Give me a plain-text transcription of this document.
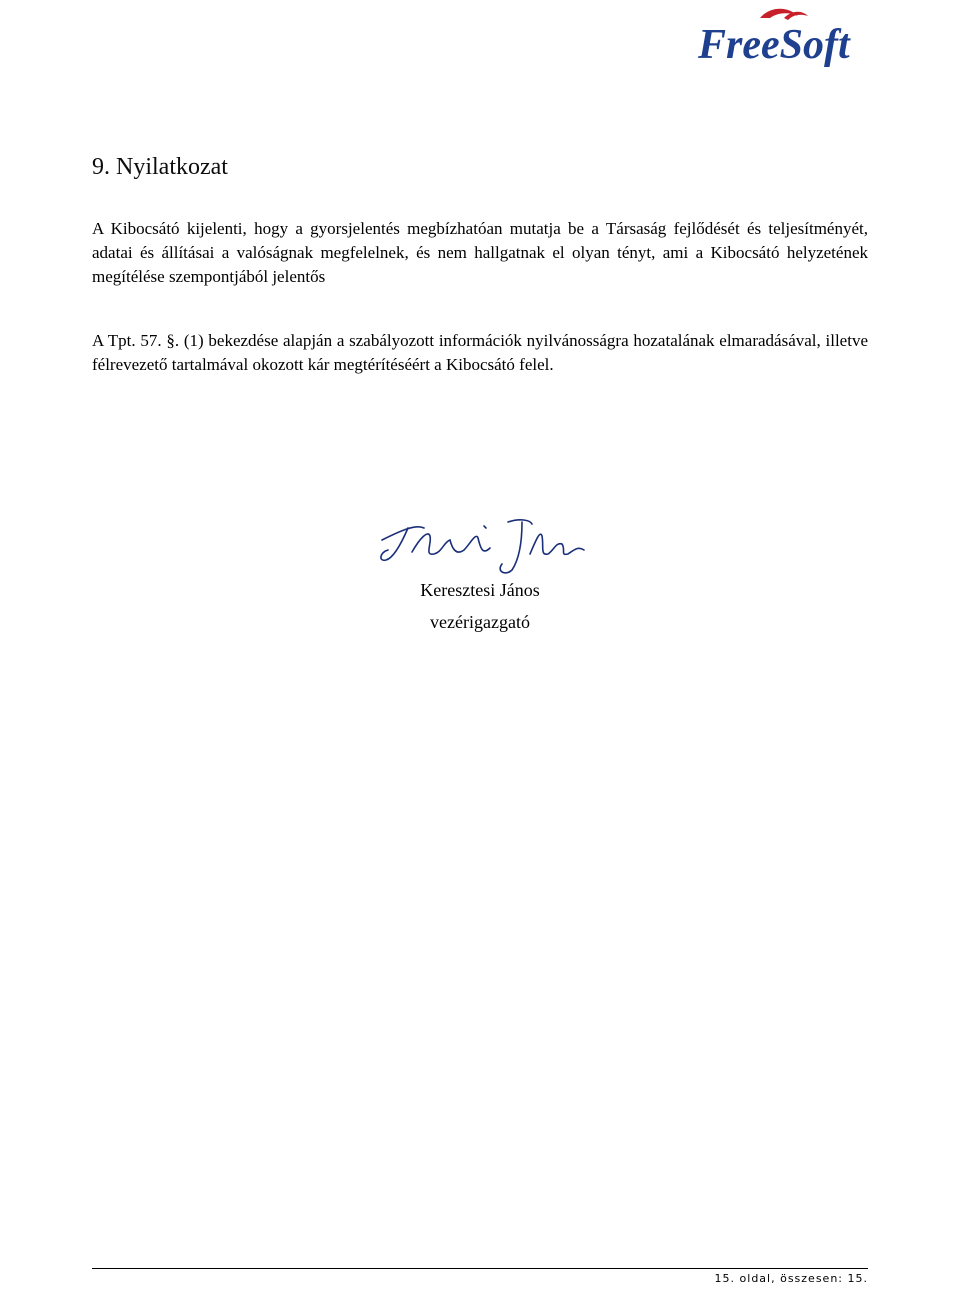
FreeSoft
9. Nyilatkozat

A Kibocsátó kijelenti, hogy a gyorsjelentés megbízhatóan mutatja be a Társaság fejlődését és teljesítményét, adatai és állításai a valóságnak megfelelnek, és nem hallgatnak el olyan tényt, ami a Kibocsátó helyzetének megítélése szempontjából jelentős

A Tpt. 57. §. (1) bekezdése alapján a szabályozott információk nyilvánosságra hozatalának elmaradásával, illetve félrevezető tartalmával okozott kár megtérítéséért a Kibocsátó felel.

Keresztesi János

vezérigazgató

15. oldal, összesen: 15.
